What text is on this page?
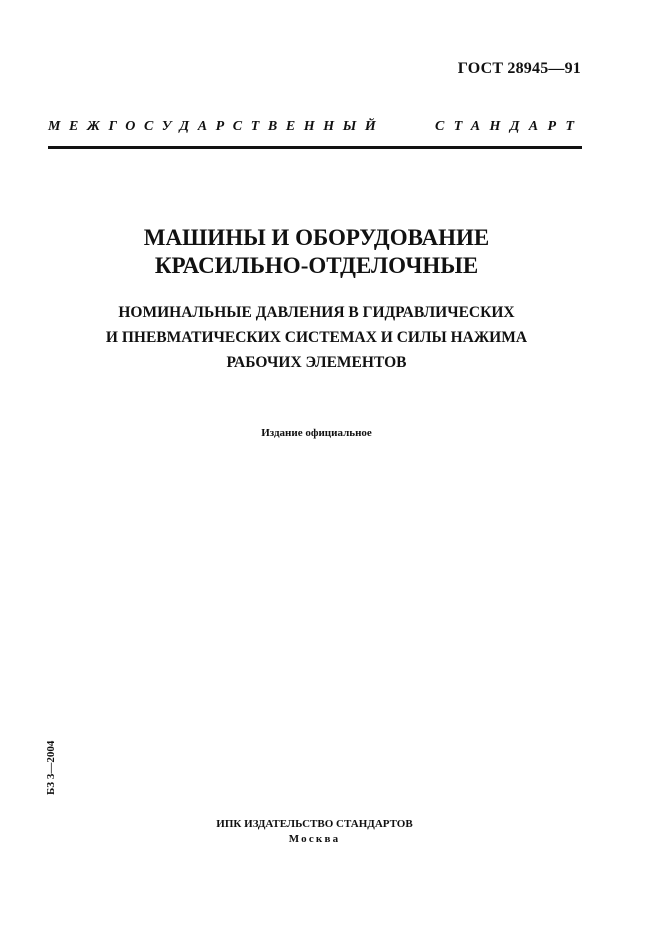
ГОСТ 28945—91
МЕЖГОСУДАРСТВЕННЫЙ	СТАНДАРТ
МАШИНЫ И ОБОРУДОВАНИЕ
КРАСИЛЬНО-ОТДЕЛОЧНЫЕ
НОМИНАЛЬНЫЕ ДАВЛЕНИЯ В ГИДРАВЛИЧЕСКИХ
И ПНЕВМАТИЧЕСКИХ СИСТЕМАХ И СИЛЫ НАЖИМА
РАБОЧИХ ЭЛЕМЕНТОВ
Издание официальное
БЗ 3—2004
ИПК ИЗДАТЕЛЬСТВО СТАНДАРТОВ
Москва
